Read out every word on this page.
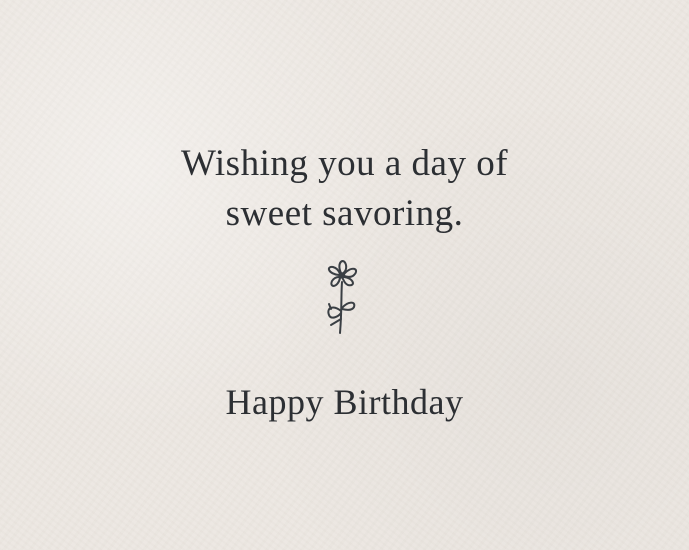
Wishing you a day of
sweet savoring.
Happy Birthday
